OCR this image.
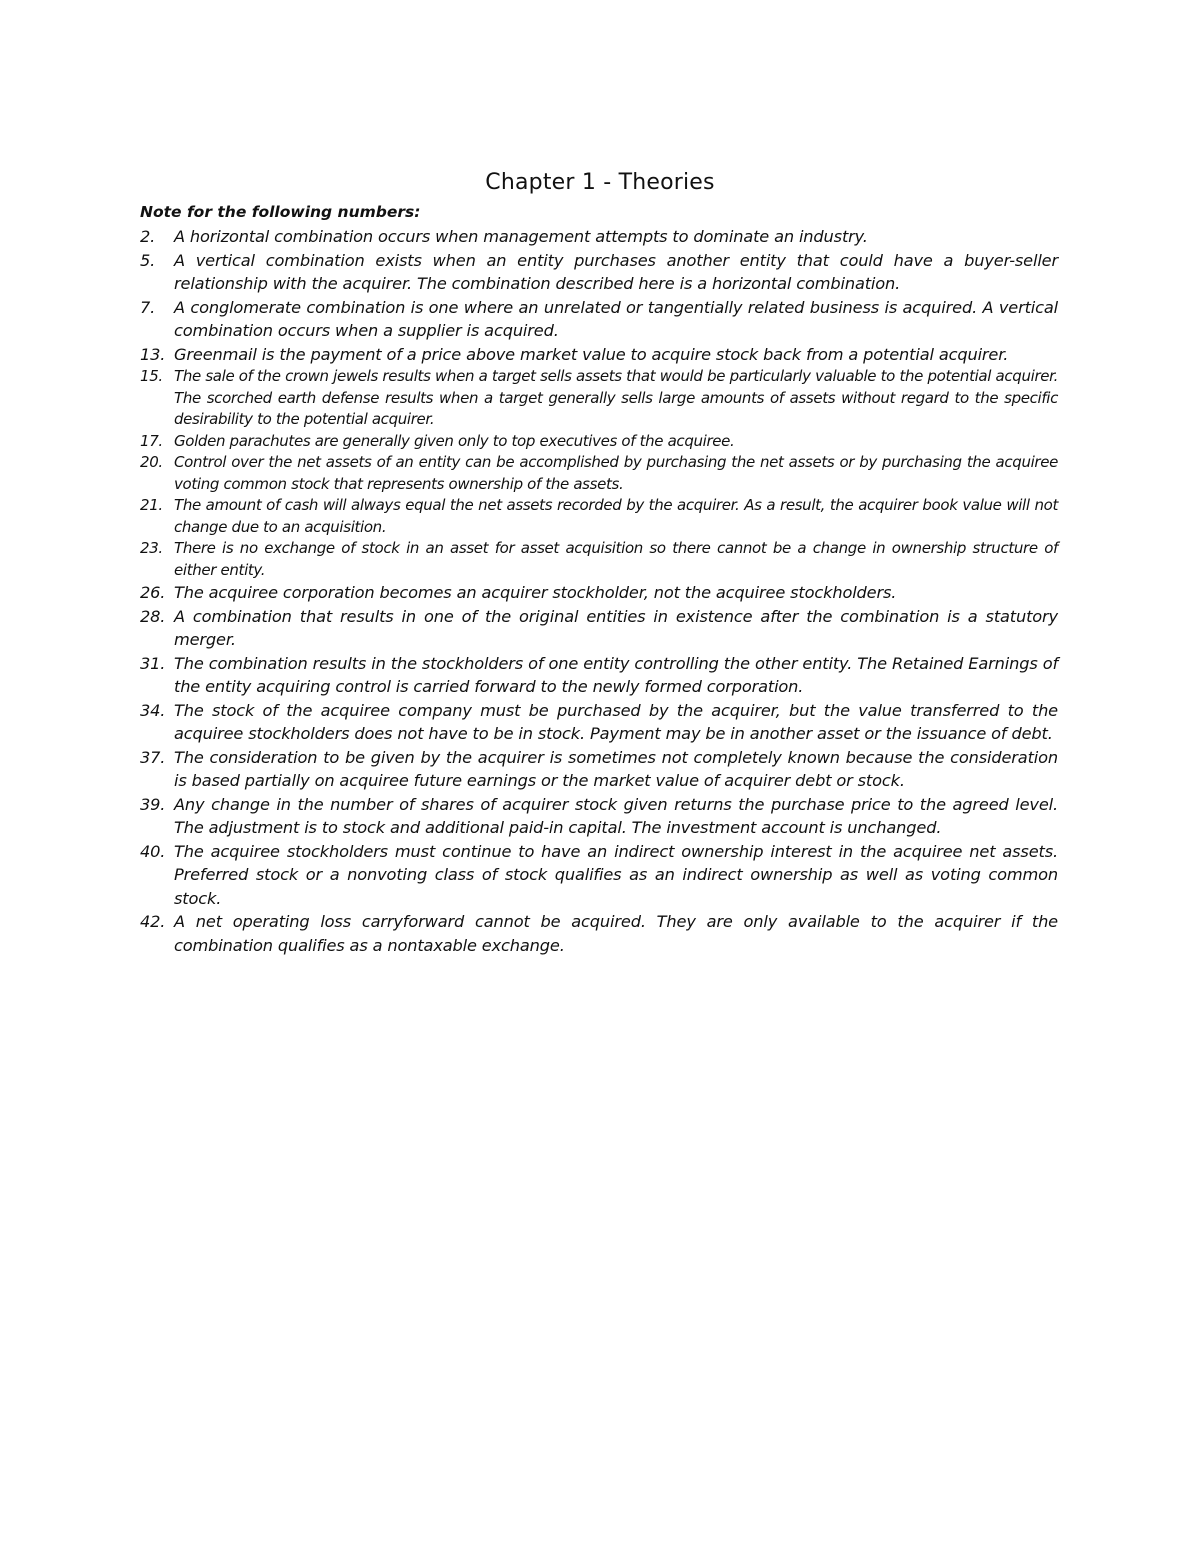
Chapter 1 - Theories

Note for the following numbers:

2. A horizontal combination occurs when management attempts to dominate an industry.
5. A vertical combination exists when an entity purchases another entity that could have a buyer-seller relationship with the acquirer. The combination described here is a horizontal combination.
7. A conglomerate combination is one where an unrelated or tangentially related business is acquired. A vertical combination occurs when a supplier is acquired.
13. Greenmail is the payment of a price above market value to acquire stock back from a potential acquirer.
15. The sale of the crown jewels results when a target sells assets that would be particularly valuable to the potential acquirer. The scorched earth defense results when a target generally sells large amounts of assets without regard to the specific desirability to the potential acquirer.
17. Golden parachutes are generally given only to top executives of the acquiree.
20. Control over the net assets of an entity can be accomplished by purchasing the net assets or by purchasing the acquiree voting common stock that represents ownership of the assets.
21. The amount of cash will always equal the net assets recorded by the acquirer. As a result, the acquirer book value will not change due to an acquisition.
23. There is no exchange of stock in an asset for asset acquisition so there cannot be a change in ownership structure of either entity.
26. The acquiree corporation becomes an acquirer stockholder, not the acquiree stockholders.
28. A combination that results in one of the original entities in existence after the combination is a statutory merger.
31. The combination results in the stockholders of one entity controlling the other entity. The Retained Earnings of the entity acquiring control is carried forward to the newly formed corporation.
34. The stock of the acquiree company must be purchased by the acquirer, but the value transferred to the acquiree stockholders does not have to be in stock. Payment may be in another asset or the issuance of debt.
37. The consideration to be given by the acquirer is sometimes not completely known because the consideration is based partially on acquiree future earnings or the market value of acquirer debt or stock.
39. Any change in the number of shares of acquirer stock given returns the purchase price to the agreed level. The adjustment is to stock and additional paid-in capital. The investment account is unchanged.
40. The acquiree stockholders must continue to have an indirect ownership interest in the acquiree net assets. Preferred stock or a nonvoting class of stock qualifies as an indirect ownership as well as voting common stock.
42. A net operating loss carryforward cannot be acquired. They are only available to the acquirer if the combination qualifies as a nontaxable exchange.
